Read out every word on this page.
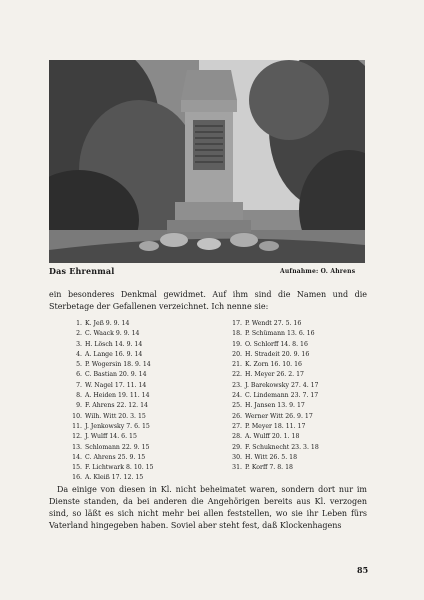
Das Ehrenmal	Aufnahme: O. Ahrens

ein besonderes Denkmal gewidmet. Auf ihm sind die Namen und die Sterbetage der Gefallenen verzeichnet. Ich nenne sie:

1. K. Jeß 9. 9. 14
2. C. Waack 9. 9. 14
3. H. Lösch 14. 9. 14
4. A. Lange 16. 9. 14
5. P. Wogersin 18. 9. 14
6. C. Bastian 20. 9. 14
7. W. Nagel 17. 11. 14
8. A. Heiden 19. 11. 14
9. F. Ahrens 22. 12. 14
10. Wilh. Witt 20. 3. 15
11. J. Jenkowsky 7. 6. 15
12. J. Wulff 14. 6. 15
13. Schlomann 22. 9. 15
14. C. Ahrens 25. 9. 15
15. F. Lichtwark 8. 10. 15
16. A. Kleiß 17. 12. 15
17. P. Wendt 27. 5. 16
18. P. Schümann 13. 6. 16
19. O. Schlorff 14. 8. 16
20. H. Stradeit 20. 9. 16
21. K. Zorn 16. 10. 16
22. H. Meyer 26. 2. 17
23. J. Barekowsky 27. 4. 17
24. C. Lindemann 23. 7. 17
25. H. Jansen 13. 9. 17
26. Werner Witt 26. 9. 17
27. P. Meyer 18. 11. 17
28. A. Wulff 20. 1. 18
29. F. Schuknecht 23. 3. 18
30. H. Witt 26. 5. 18
31. P. Korff 7. 8. 18

Da einige von diesen in Kl. nicht beheimatet waren, sondern dort nur im Dienste standen, da bei anderen die Angehörigen bereits aus Kl. verzogen sind, so läßt es sich nicht mehr bei allen feststellen, wo sie ihr Leben fürs Vaterland hingegeben haben. Soviel aber steht fest, daß Klockenhagens

85
